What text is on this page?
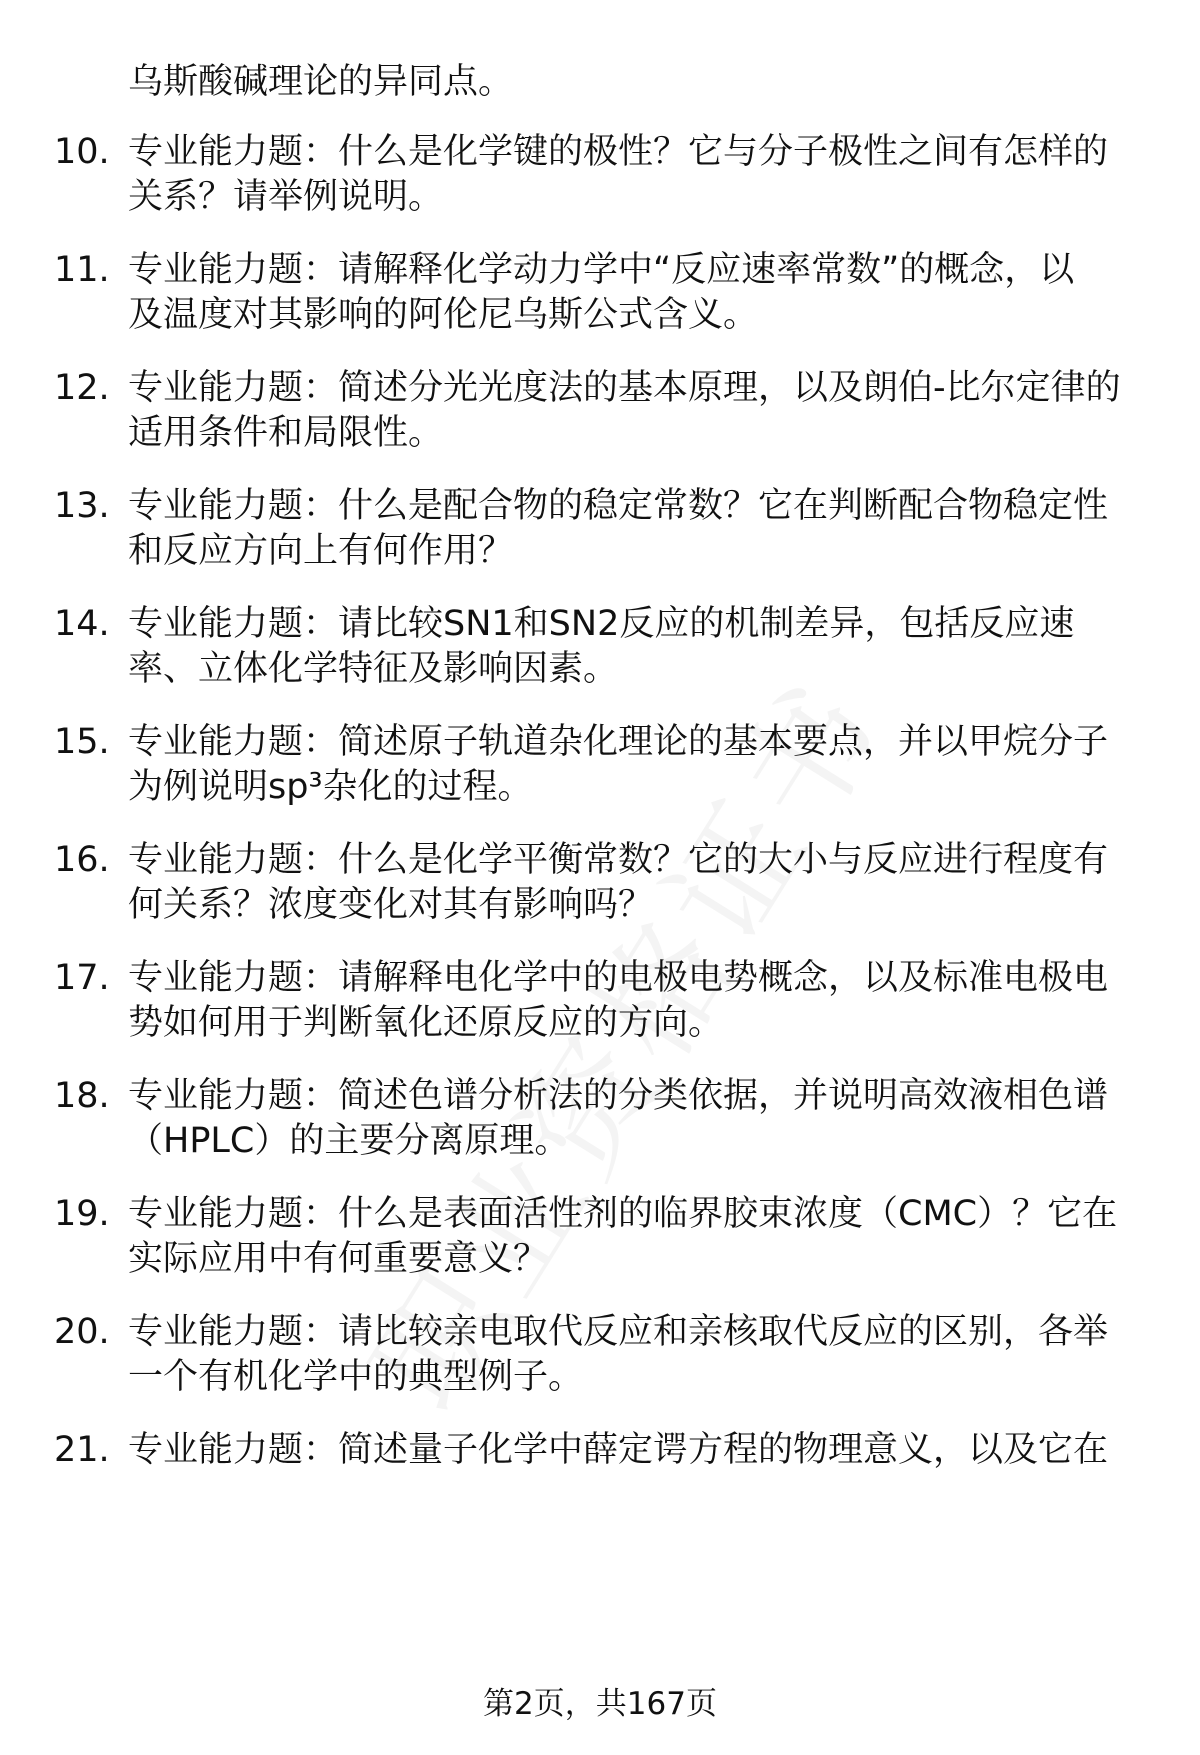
乌斯酸碱理论的异同点。
10. 专业能力题：什么是化学键的极性？它与分子极性之间有怎样的
关系？请举例说明。
11. 专业能力题：请解释化学动力学中“反应速率常数”的概念，以
及温度对其影响的阿伦尼乌斯公式含义。
12. 专业能力题：简述分光光度法的基本原理，以及朗伯-比尔定律的
适用条件和局限性。
13. 专业能力题：什么是配合物的稳定常数？它在判断配合物稳定性
和反应方向上有何作用？
14. 专业能力题：请比较SN1和SN2反应的机制差异，包括反应速
率、立体化学特征及影响因素。
15. 专业能力题：简述原子轨道杂化理论的基本要点，并以甲烷分子
为例说明sp³杂化的过程。
16. 专业能力题：什么是化学平衡常数？它的大小与反应进行程度有
何关系？浓度变化对其有影响吗？
17. 专业能力题：请解释电化学中的电极电势概念，以及标准电极电
势如何用于判断氧化还原反应的方向。
18. 专业能力题：简述色谱分析法的分类依据，并说明高效液相色谱
（HPLC）的主要分离原理。
19. 专业能力题：什么是表面活性剂的临界胶束浓度（CMC）？它在
实际应用中有何重要意义？
20. 专业能力题：请比较亲电取代反应和亲核取代反应的区别，各举
一个有机化学中的典型例子。
21. 专业能力题：简述量子化学中薛定谔方程的物理意义，以及它在
第2页，共167页
